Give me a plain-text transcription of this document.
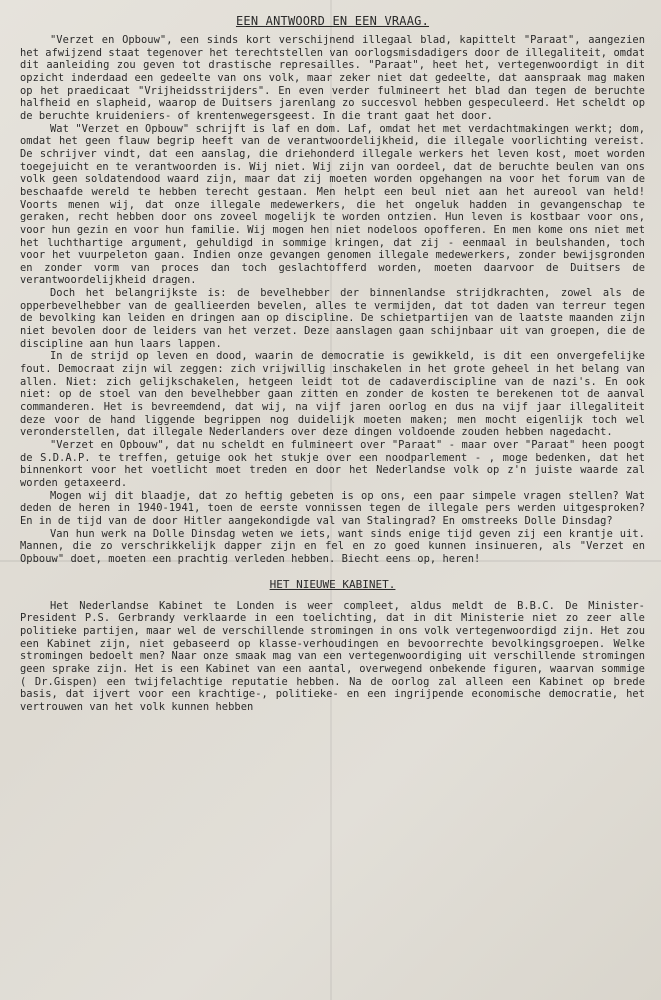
EEN ANTWOORD EN EEN VRAAG.

"Verzet en Opbouw", een sinds kort verschijnend illegaal blad, kapittelt "Paraat", aangezien het afwijzend staat tegenover het terechtstellen van oorlogsmisdadigers door de illegaliteit, omdat dit aanleiding zou geven tot drastische represailles. "Paraat", heet het, vertegenwoordigt in dit opzicht inderdaad een gedeelte van ons volk, maar zeker niet dat gedeelte, dat aanspraak mag maken op het praedicaat "Vrijheidsstrijders". En even verder fulmineert het blad dan tegen de beruchte halfheid en slapheid, waarop de Duitsers jarenlang zo succesvol hebben gespeculeerd. Het scheldt op de beruchte kruideniers- of krentenwegersgeest. In die trant gaat het door.

Wat "Verzet en Opbouw" schrijft is laf en dom. Laf, omdat het met verdachtmakingen werkt; dom, omdat het geen flauw begrip heeft van de verantwoordelijkheid, die illegale voorlichting vereist. De schrijver vindt, dat een aanslag, die driehonderd illegale werkers het leven kost, moet worden toegejuicht en te verantwoorden is. Wij niet. Wij zijn van oordeel, dat de beruchte beulen van ons volk geen soldatendood waard zijn, maar dat zij moeten worden opgehangen na voor het forum van de beschaafde wereld te hebben terecht gestaan. Men helpt een beul niet aan het aureool van held! Voorts menen wij, dat onze illegale medewerkers, die het ongeluk hadden in gevangenschap te geraken, recht hebben door ons zoveel mogelijk te worden ontzien. Hun leven is kostbaar voor ons, voor hun gezin en voor hun familie. Wij mogen hen niet nodeloos opofferen. En men kome ons niet met het luchthartige argument, gehuldigd in sommige kringen, dat zij - eenmaal in beulshanden, toch voor het vuurpeleton gaan. Indien onze gevangen genomen illegale medewerkers, zonder bewijsgronden en zonder vorm van proces dan toch geslachtofferd worden, moeten daarvoor de Duitsers de verantwoordelijkheid dragen.

Doch het belangrijkste is: de bevelhebber der binnenlandse strijdkrachten, zowel als de opperbevelhebber van de geallieerden bevelen, alles te vermijden, dat tot daden van terreur tegen de bevolking kan leiden en dringen aan op discipline. De schietpartijen van de laatste maanden zijn niet bevolen door de leiders van het verzet. Deze aanslagen gaan schijnbaar uit van groepen, die de discipline aan hun laars lappen.

In de strijd op leven en dood, waarin de democratie is gewikkeld, is dit een onvergefelijke fout. Democraat zijn wil zeggen: zich vrijwillig inschakelen in het grote geheel in het belang van allen. Niet: zich gelijkschakelen, hetgeen leidt tot de cadaverdiscipline van de nazi's. En ook niet: op de stoel van den bevelhebber gaan zitten en zonder de kosten te berekenen tot de aanval commanderen. Het is bevreemdend, dat wij, na vijf jaren oorlog en dus na vijf jaar illegaliteit deze voor de hand liggende begrippen nog duidelijk moeten maken; men mocht eigenlijk toch wel veronderstellen, dat illegale Nederlanders over deze dingen voldoende zouden hebben nagedacht.

"Verzet en Opbouw", dat nu scheldt en fulmineert over "Paraat" - maar over "Paraat" heen poogt de S.D.A.P. te treffen, getuige ook het stukje over een noodparlement - , moge bedenken, dat het binnenkort voor het voetlicht moet treden en door het Nederlandse volk op z'n juiste waarde zal worden getaxeerd.

Mogen wij dit blaadje, dat zo heftig gebeten is op ons, een paar simpele vragen stellen? Wat deden de heren in 1940-1941, toen de eerste vonnissen tegen de illegale pers werden uitgesproken? En in de tijd van de door Hitler aangekondigde val van Stalingrad? En omstreeks Dolle Dinsdag?

Van hun werk na Dolle Dinsdag weten we iets, want sinds enige tijd geven zij een krantje uit. Mannen, die zo verschrikkelijk dapper zijn en fel en zo goed kunnen insinueren, als "Verzet en Opbouw" doet, moeten een prachtig verleden hebben. Biecht eens op, heren!

HET NIEUWE KABINET.

Het Nederlandse Kabinet te Londen is weer compleet, aldus meldt de B.B.C. De Minister-President P.S. Gerbrandy verklaarde in een toelichting, dat in dit Ministerie niet zo zeer alle politieke partijen, maar wel de verschillende stromingen in ons volk vertegenwoordigd zijn. Het zou een Kabinet zijn, niet gebaseerd op klasse-verhoudingen en bevoorrechte bevolkingsgroepen. Welke stromingen bedoelt men? Naar onze smaak mag van een vertegenwoordiging uit verschillende stromingen geen sprake zijn. Het is een Kabinet van een aantal, overwegend onbekende figuren, waarvan sommige ( Dr.Gispen) een twijfelachtige reputatie hebben. Na de oorlog zal alleen een Kabinet op brede basis, dat ijvert voor een krachtige-, politieke- en een ingrijpende economische democratie, het vertrouwen van het volk kunnen hebben
